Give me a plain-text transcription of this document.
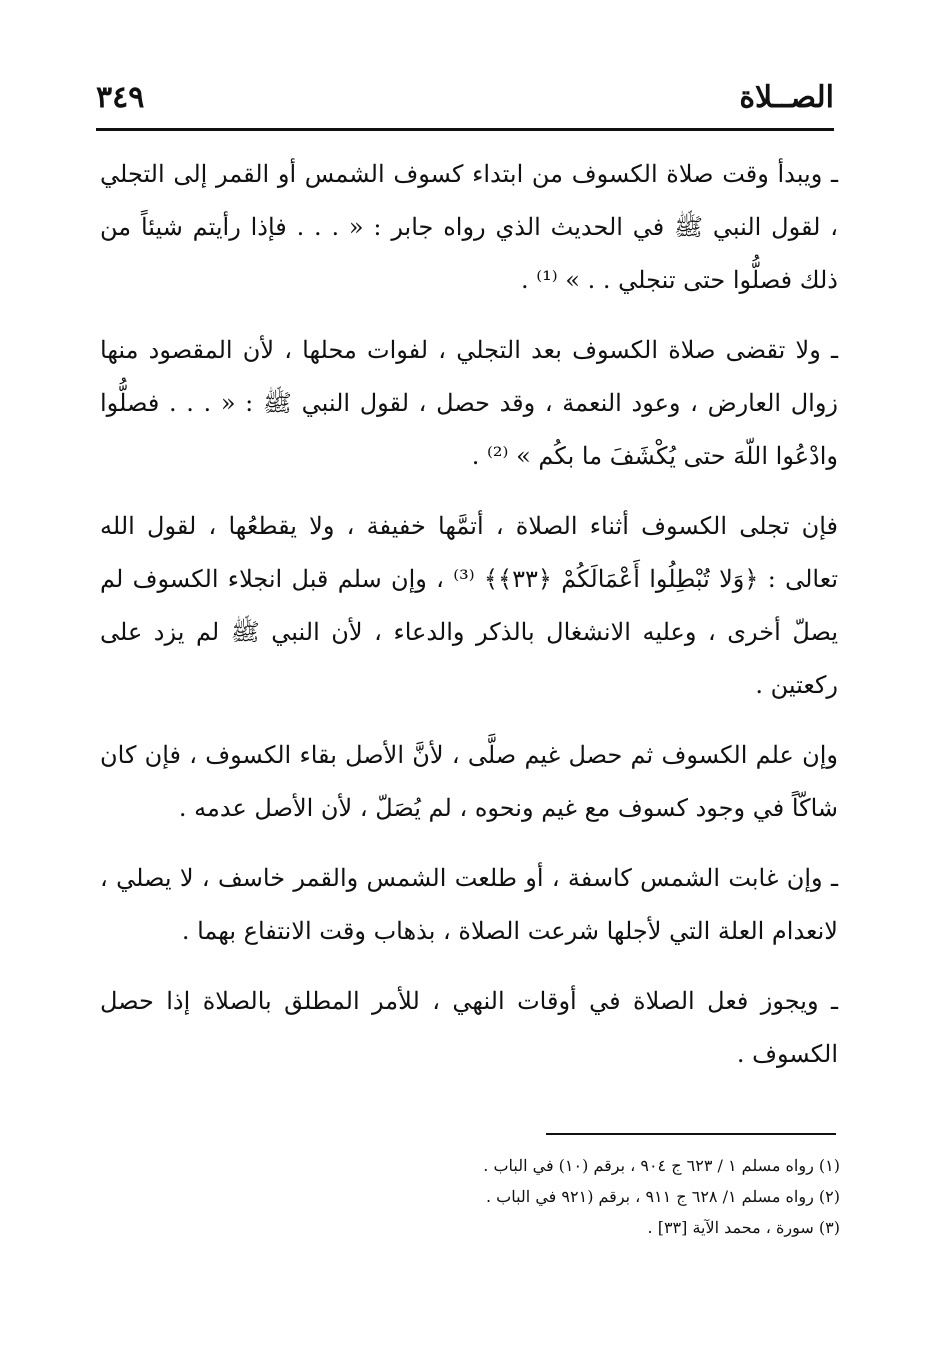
الصــلاة
٣٤٩

ـ ويبدأ وقت صلاة الكسوف من ابتداء كسوف الشمس أو القمر إلى التجلي ، لقول النبي ﷺ في الحديث الذي رواه جابر : « . . . فإذا رأيتم شيئاً من ذلك فصلُّوا حتى تنجلي . . » ⁽¹⁾ .

ـ ولا تقضى صلاة الكسوف بعد التجلي ، لفوات محلها ، لأن المقصود منها زوال العارض ، وعود النعمة ، وقد حصل ، لقول النبي ﷺ : « . . . فصلُّوا وادْعُوا اللّهَ حتى يُكْشَفَ ما بكُم » ⁽²⁾ .

فإن تجلى الكسوف أثناء الصلاة ، أتمَّها خفيفة ، ولا يقطعُها ، لقول الله تعالى : ﴿وَلا تُبْطِلُوا أَعْمَالَكُمْ ﴿٣٣﴾﴾ ⁽³⁾ ، وإن سلم قبل انجلاء الكسوف لم يصلّ أخرى ، وعليه الانشغال بالذكر والدعاء ، لأن النبي ﷺ لم يزد على ركعتين .

وإن علم الكسوف ثم حصل غيم صلَّى ، لأنَّ الأصل بقاء الكسوف ، فإن كان شاكّاً في وجود كسوف مع غيم ونحوه ، لم يُصَلّ ، لأن الأصل عدمه .

ـ وإن غابت الشمس كاسفة ، أو طلعت الشمس والقمر خاسف ، لا يصلي ، لانعدام العلة التي لأجلها شرعت الصلاة ، بذهاب وقت الانتفاع بهما .

ـ ويجوز فعل الصلاة في أوقات النهي ، للأمر المطلق بالصلاة إذا حصل الكسوف .

(١) رواه مسلم ١ / ٦٢٣ ج ٩٠٤ ، برقم (١٠) في الباب .

(٢) رواه مسلم ١/ ٦٢٨ ج ٩١١ ، برقم (٩٢١ في الباب .

(٣) سورة ، محمد الآية [٣٣] .
